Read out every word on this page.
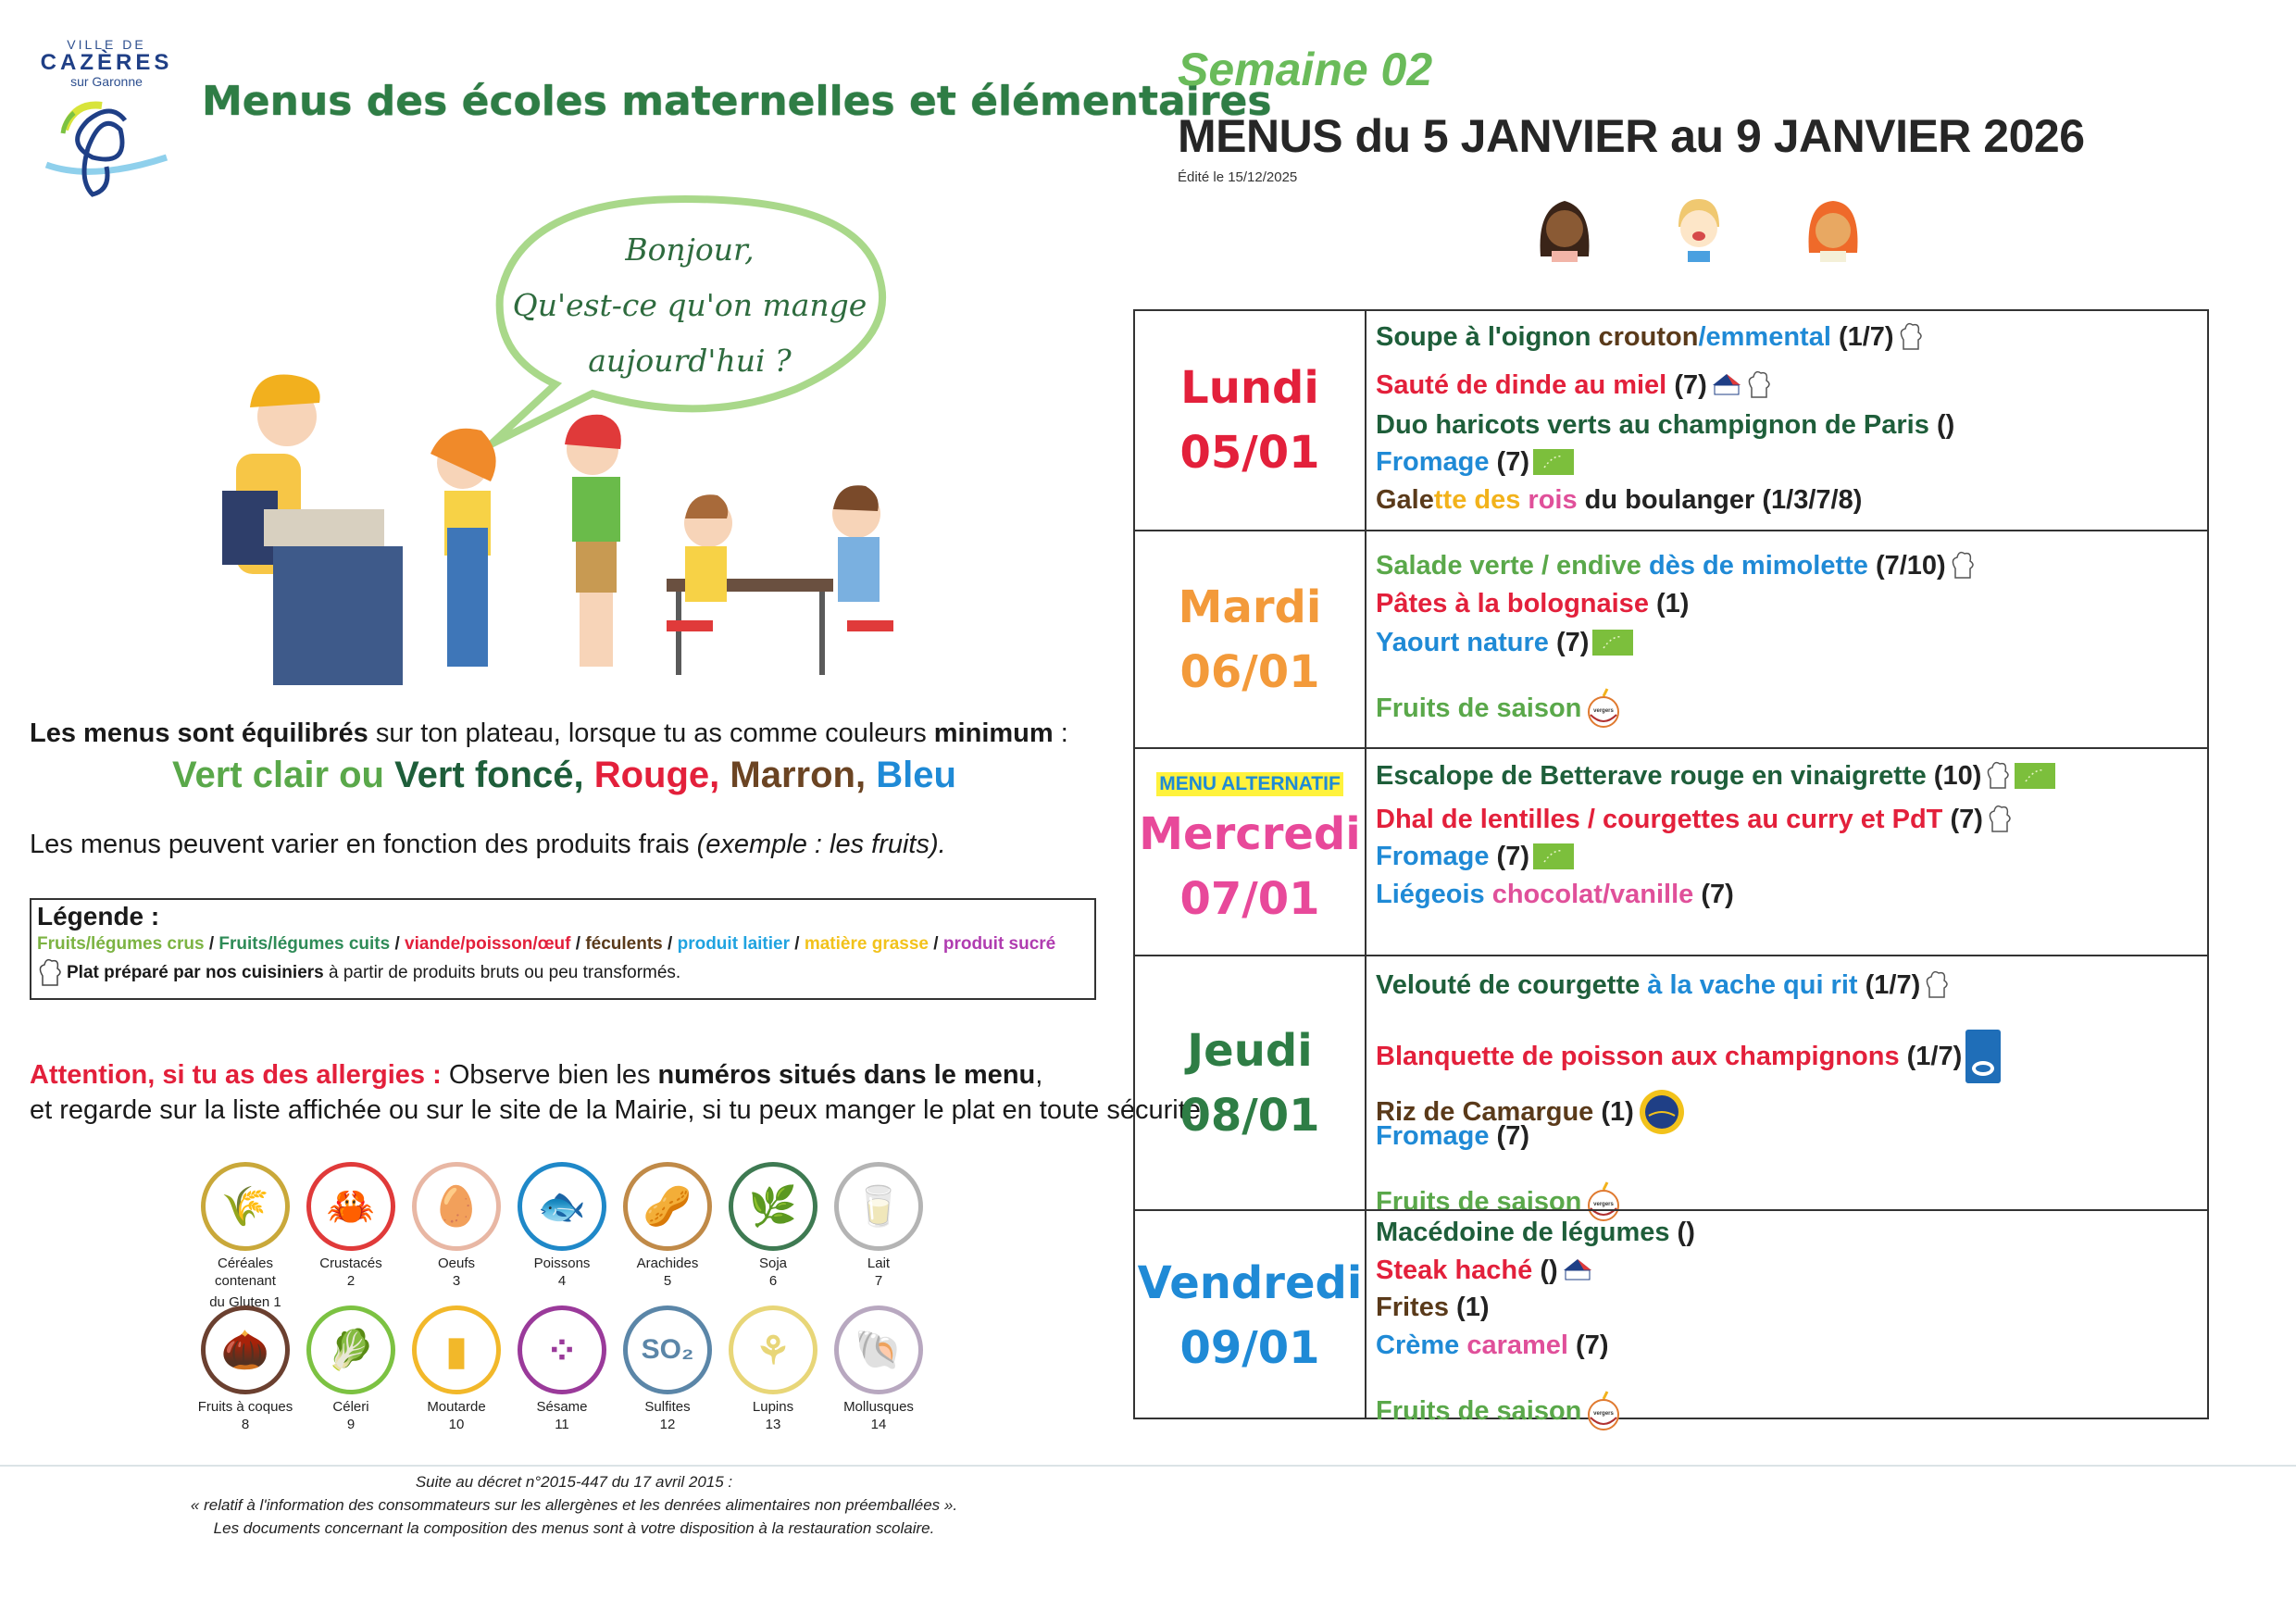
VILLE DE
CAZÈRES
sur Garonne	Menus des écoles maternelles et élémentaires
Semaine 02
MENUS du 5 JANVIER au 9 JANVIER 2026
Édité le 15/12/2025
Bonjour,
Qu'est-ce qu'on mange
aujourd'hui ?
Les menus sont équilibrés sur ton plateau, lorsque tu as comme couleurs minimum :
Vert clair ou Vert foncé, Rouge, Marron, Bleu
Les menus peuvent varier en fonction des produits frais (exemple : les fruits).
Légende :
Fruits/légumes crus / Fruits/légumes cuits / viande/poisson/œuf / féculents / produit laitier / matière grasse / produit sucré
Plat préparé par nos cuisiniers à partir de produits bruts ou peu transformés.
Attention, si tu as des allergies : Observe bien les numéros situés dans le menu,
et regarde sur la liste affichée ou sur le site de la Mairie, si tu peux manger le plat en toute sécurité.
🌾
Céréales contenant
du Gluten 1
🦀
Crustacés
2
🥚
Oeufs
3
🐟
Poissons
4
🥜
Arachides
5
🌿
Soja
6
🥛
Lait
7
🌰
Fruits à coques
8
🥬
Céleri
9
▮
Moutarde
10
⁘
Sésame
11
SO₂
Sulfites
12
⚘
Lupins
13
🐚
Mollusques
14
Suite au décret n°2015-447 du 17 avril 2015 :
« relatif à l'information des consommateurs sur les allergènes et les denrées alimentaires non préemballées ».
Les documents concernant la composition des menus sont à votre disposition à la restauration scolaire.
Lundi
05/01
Soupe à l'oignon crouton/emmental (1/7)
Sauté de dinde au miel (7)
Duo haricots verts au champignon de Paris ()
Fromage (7)
Galette des rois du boulanger (1/3/7/8)
Mardi
06/01
Salade verte / endive dès de mimolette (7/10)
Pâtes à la bolognaise (1)
Yaourt nature (7)
Fruits de saison vergers
MENU ALTERNATIF
Mercredi
07/01
Escalope de Betterave rouge en vinaigrette (10)
Dhal de lentilles / courgettes au curry et PdT (7)
Fromage (7)
Liégeois chocolat/vanille (7)
Jeudi
08/01
Velouté de courgette à la vache qui rit (1/7)
Blanquette de poisson aux champignons (1/7)
Riz de Camargue (1)
Fromage (7)
Fruits de saison vergers
Vendredi
09/01
Macédoine de légumes ()
Steak haché ()
Frites (1)
Crème caramel (7)
Fruits de saison vergers
